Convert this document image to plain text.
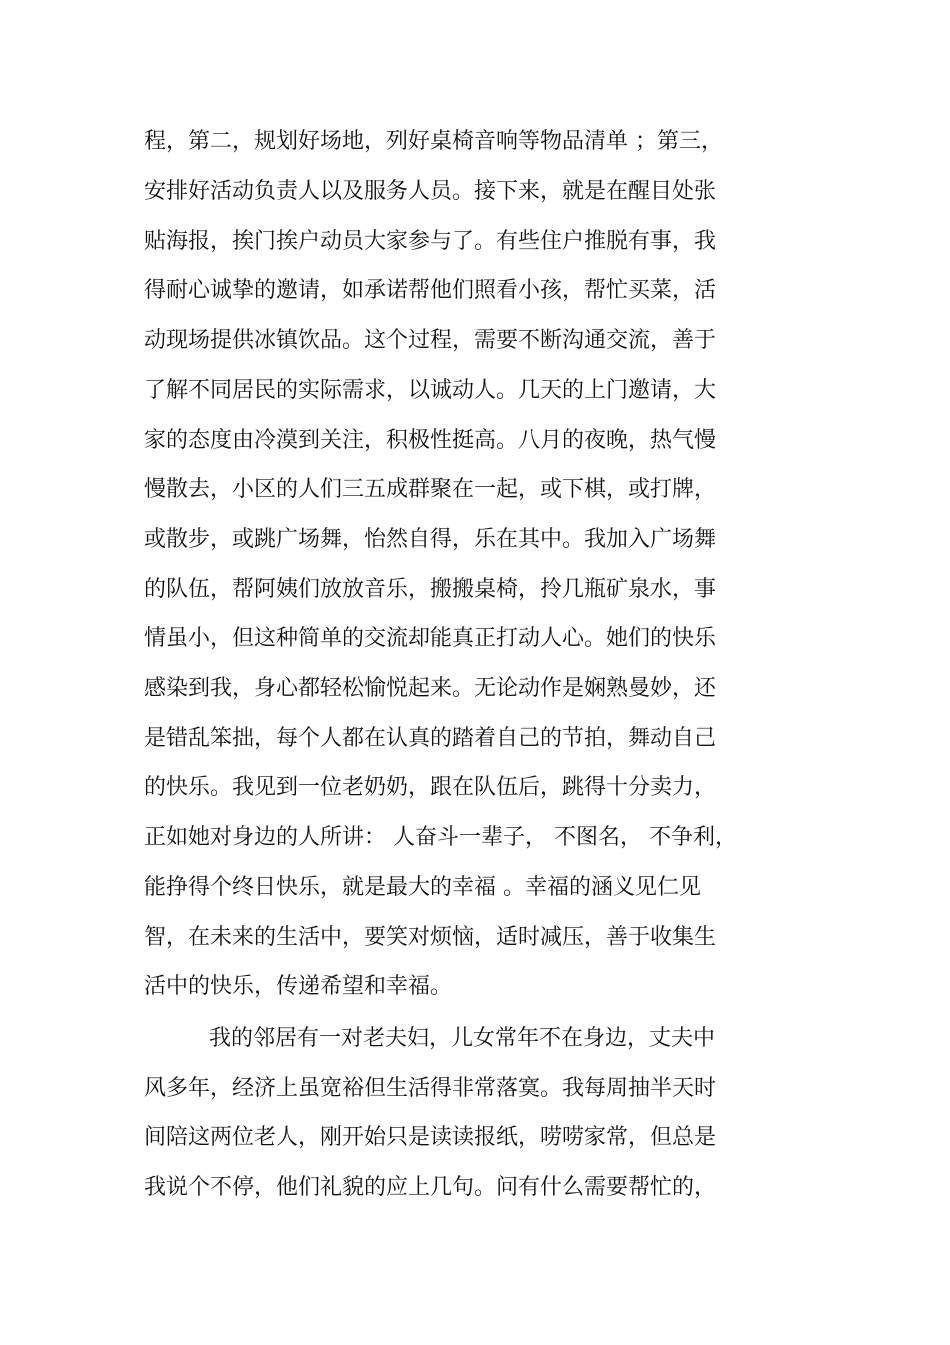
程，第二，规划好场地，列好桌椅音响等物品清单 ；第三，

安排好活动负责人以及服务人员。接下来，就是在醒目处张

贴海报，挨门挨户动员大家参与了。有些住户推脱有事，我

得耐心诚挚的邀请，如承诺帮他们照看小孩，帮忙买菜，活

动现场提供冰镇饮品。这个过程，需要不断沟通交流，善于

了解不同居民的实际需求，以诚动人。几天的上门邀请，大

家的态度由冷漠到关注，积极性挺高。八月的夜晚，热气慢

慢散去，小区的人们三五成群聚在一起，或下棋，或打牌，

或散步，或跳广场舞，怡然自得，乐在其中。我加入广场舞

的队伍，帮阿姨们放放音乐，搬搬桌椅，拎几瓶矿泉水，事

情虽小，但这种简单的交流却能真正打动人心。她们的快乐

感染到我，身心都轻松愉悦起来。无论动作是娴熟曼妙，还

是错乱笨拙，每个人都在认真的踏着自己的节拍，舞动自己

的快乐。我见到一位老奶奶，跟在队伍后，跳得十分卖力，

正如她对身边的人所讲： 人奋斗一辈子， 不图名， 不争利，

能挣得个终日快乐，就是最大的幸福 。幸福的涵义见仁见

智，在未来的生活中，要笑对烦恼，适时减压，善于收集生

活中的快乐，传递希望和幸福。

我的邻居有一对老夫妇，儿女常年不在身边，丈夫中

风多年，经济上虽宽裕但生活得非常落寞。我每周抽半天时

间陪这两位老人，刚开始只是读读报纸，唠唠家常，但总是

我说个不停，他们礼貌的应上几句。问有什么需要帮忙的，
